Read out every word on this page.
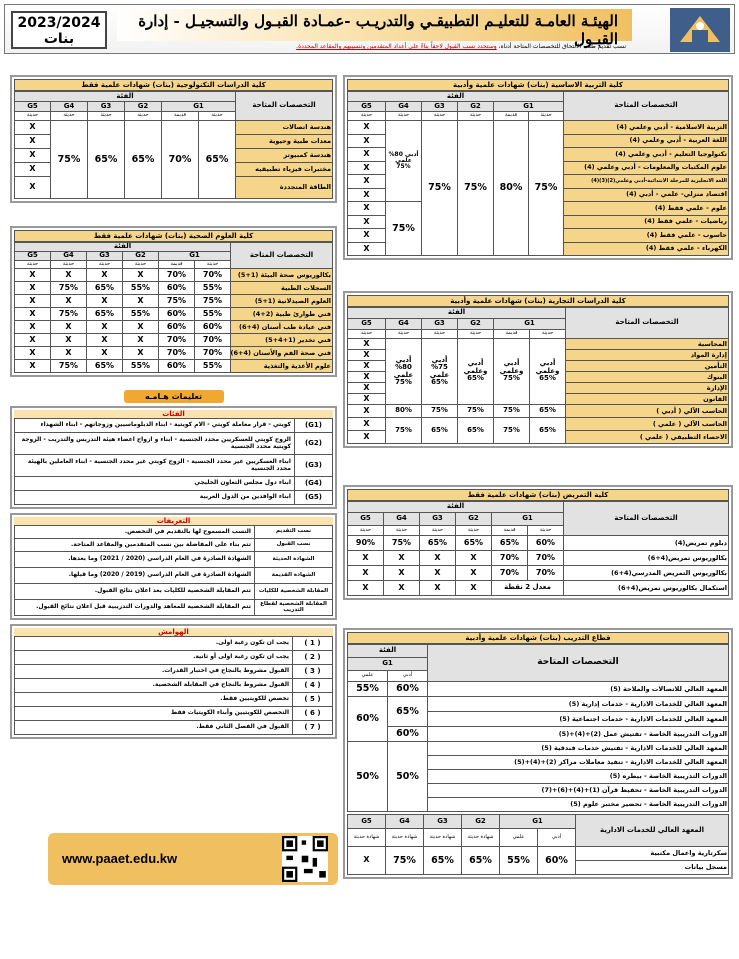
2023/2024
بنات
الهيئـة العامـة للتعليـم التطبيقـي والتدريـب -عمـادة القبـول والتسجيـل - إدارة القبـول
نسب تقديم طلب الالتحاق للتخصصات المتاحة أدناه، وستحدد نسب القبول لاحقاً بناءً على أعداد المتقدمين وتنسيبهم والمقاعد المحددة.
كلية التربية الاساسية (بنات) شهادات علمية وأدبية
الفئة						التخصصات المتاحة
G5	G4	G3	G2	G1		
حديثة	حديثة	حديثة	حديثة	قديمة	حديثة	
X	أدبي 80% علمي 75%	75%	75%	80%	75%	التربية الاسلامية - أدبي وعلمي (4)
X						اللغة العربية - أدبي وعلمي (4)
X						تكنولوجيا التعليم - أدبي وعلمي (4)
X						علوم المكتبات والمعلومات - أدبي وعلمي (4)
X						اللغة الانجليزية للمرحلة الابتدائية-أدبي وعلمي(2)(3)(4)
X						اقتصاد منزلي- علمي - أدبي (4)
X	75%					علوم - علمي فقط (4)
X						رياضيات - علمي فقط (4)
X						حاسوب - علمي فقط (4)
X						الكهرباء - علمي فقط (4)
كلية الدراسات التكنولوجية (بنات) شهادات علمية فقط
الفئة						التخصصات المتاحة
G5	G4	G3	G2	G1		
حديثة	حديثة	حديثة	حديثة	قديمة	حديثة	
X	75%	65%	65%	70%	65%	هندسة اتصالات
X						معدات طبية وحيوية
X						هندسة كمبيوتر
X						مختبرات فيزياء تطبيقيه
X						الطاقة المتجددة
كلية العلوم الصحية (بنات) شهادات علمية فقط
الفئة						التخصصات المتاحة
G5	G4	G3	G2	G1		
حديثة	حديثة	حديثة	حديثة	قديمة	حديثة	
X	X	X	X	70%	70%	بكالوريوس صحة البيئة (1+5)
X	75%	65%	55%	60%	55%	السجلات الطبية
X	X	X	X	75%	75%	العلوم الصيدلانية (1+5)
X	75%	65%	55%	60%	55%	فني طوارئ طبية (2+4)
X	X	X	X	60%	60%	فني عيادة طب أسنان (4+6)
X	X	X	X	70%	70%	فني تخدير (1+4+5)
X	X	X	X	70%	70%	فني صحة الفم والأسنان (4+6)
X	75%	65%	55%	60%	55%	علوم الأغذية والتغذية
تعليمات هـامـه
الفئات
كويتي - قرار معاملة كويتي - الام كويتية - ابناء الدبلوماسيين وزوجاتهم - ابناء الشهداء	(G1)
الزوج كويتي للعسكريين محدد الجنسية - ابناء و ازواج اعضاء هيئة التدريس والتدريب - الزوجة كويتية محدد الجنسية	(G2)
ابناء العسكريين غير محدد الجنسية - الزوج كويتي غير محدد الجنسية - ابناء العاملين بالهيئة محدد الجنسية	(G3)
ابناء دول مجلس التعاون الخليجي	(G4)
ابناء الوافدين من الدول العربية	(G5)
التعريفات
النسب المسموح لها بالتقديم في التخصص.	نسب التقديم
تتم بناء على المفاضلة بين نسب المتقدمين والمقاعد المتاحة.	نسب القبول
الشهادة الصادرة في العام الدراسي (2020 / 2021) وما بعدها.	الشهادة الحديثة
الشهادة الصادرة في العام الدراسي (2019 / 2020) وما قبلها.	الشهادة القديمة
تتم المقابلة الشخصية للكليات بعد اعلان نتائج القبول.	المقابلة الشخصية للكليات
تتم المقابلة الشخصية للمعاهد والدورات التدريبية قبل اعلان نتائج القبول.	المقابلة الشخصية لقطاع التدريب
الهوامش
يجب ان تكون رغبة اولى.	( 1 )
يجب ان تكون رغبة اولى أو ثانية.	( 2 )
القبول مشروط بالنجاح في اختبار القدرات.	( 3 )
القبول مشروط بالنجاح في المقابلة الشخصية.	( 4 )
تخصص للكويتيين فقط.	( 5 )
التخصص للكويتيين وأبناء الكويتيات فقط	( 6 )
القبول في الفصل الثاني فقط.	( 7 )
www.paaet.edu.kw
كلية الدراسات التجارية (بنات) شهادات علمية وأدبية
الفئة						التخصصات المتاحة
G5	G4	G3	G2	G1		
حديثة	حديثة	حديثة	حديثة	قديمة	حديثة	
X	أدبي 80% علمي 75%	أدبي 75% علمي 65%	أدبي وعلمي 65%	أدبي وعلمي 75%	أدبي وعلمي 65%	المحاسبة
X						إدارة المواد
X						التأمين
X						البنوك
X						الإدارة
X						القانون
X	80%	75%	75%	75%	65%	الحاسب الآلي ( أدبي )
X	75%	65%	65%	75%	65%	الحاسب الآلي ( علمي )
X						الاحصاء التطبيقي ( علمي )
كلية التمريض (بنات) شهادات علمية فقط
الفئة						التخصصات المتاحة
G5	G4	G3	G2	G1		
حديثة	حديثة	حديثة	حديثة	قديمة	حديثة	
90%	75%	65%	65%	65%	60%	دبلوم تمريض(4)
X	X	X	X	70%	70%	بكالوريوس تمريض(4+6)
X	X	X	X	70%	70%	بكالوريوس التمريض المدرسي(4+6)
X	X	X	X	معدل 2 نقطة		استكمال بكالوريوس تمريض(4+6)
قطاع التدريب (بنات) شهادات علمية وأدبية
الفئة		التخصصات المتاحة
G1		
علمي	أدبي	
55%	60%	المعهد العالي للاتصالات والملاحة (5)
60%	65%	المعهد العالي للخدمات الادارية - خدمات إدارية (5)
		المعهد العالي للخدمات الادارية - خدمات اجتماعية (5)
	60%	الدورات التدريبية الخاصة - تفتيش عمل (2)+(4)+(5)
50%	50%	المعهد العالي للخدمات الادارية - تفتيش خدمات فندقية (5)
		المعهد العالي للخدمات الادارية - تنفيذ معاملات مراكز (2)+(4)+(5)
		الدورات التدريبية الخاصة - بيطره (5)
		الدورات التدريبية الخاصة - تحفيظ قرآن (1)+(4)+(6)+(7)
		الدورات التدريبية الخاصة - تحضير مختبر علوم (5)
G5	G4	G3	G2	G1		المعهد العالي للخدمات الادارية
شهادة حديثة	شهادة حديثة	شهادة حديثة	شهادة حديثة	علمي	أدبي	
X	75%	65%	65%	55%	60%	سكرتارية واعمال مكتبية
						مسجل بيانات
